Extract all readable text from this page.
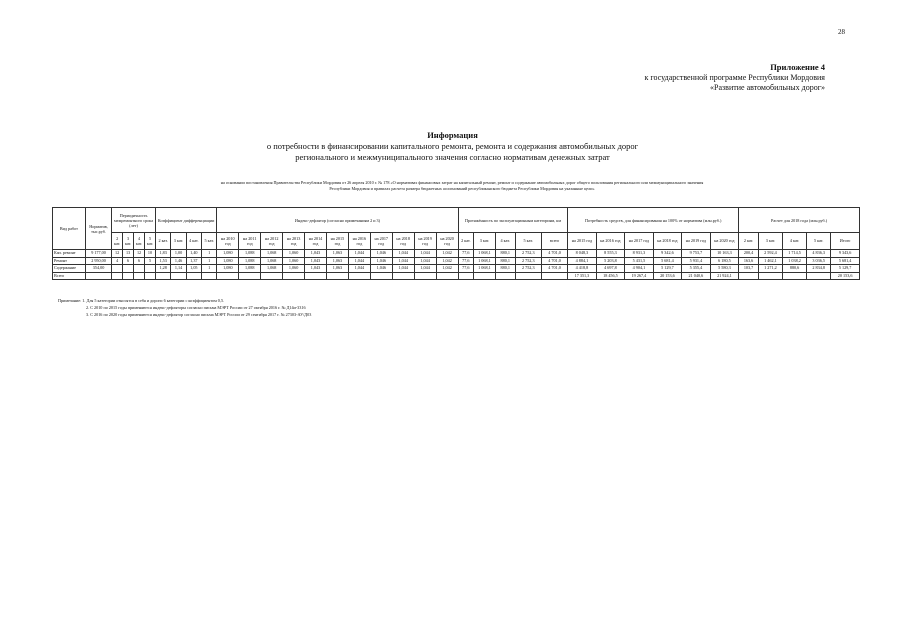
28
Приложение 4
к государственной программе Республики Мордовия
«Развитие автомобильных дорог»
Информация
о потребности в финансировании капитального ремонта, ремонта и содержания автомобильных дорог
регионального и межмуниципального значения согласно нормативам денежных затрат
на основании постановления Правительства Республики Мордовия от 26 апреля 2010 г. № 178 «О нормативах финансовых затрат на капитальный ремонт, ремонт и содержание автомобильных дорог общего пользования регионального или межмуниципального значения
Республики Мордовия и правилах расчета размера бюджетных ассигнований республиканского бюджета Республики Мордовия на указанные цели»
Вид работ	Норматив, тыс.руб.	Периодичность межремонтного срока (лет)				Коэффициент дифференциации				Индекс-дефлятор (согласно примечаниям 2 и 3)											Протяжённость по эксплуатационным категориям, км					Потребность средств, для финансирования на 100% от норматива (млн.руб.)						Расчет для 2018 года (млн.руб.)				
		2 кат.	3 кат.	4 кат.	5 кат.	2 кат.	3 кат.	4 кат.	5 кат.	на 2010 год	на 2011 год	на 2012 год	на 2013 год	на 2014 год	на 2015 год	на 2016 год	на 2017 год	на 2018 год	на 2019 год	на 2020 год	2 кат.	3 кат.	4 кат.	5 кат.	всего	на 2015 год	на 2016 год	на 2017 год	на 2018 год	на 2019 год	на 2020 год	2 кат.	3 кат.	4 кат.	5 кат.	Итого
Кап. ремонт	9 177,00	12	13	12	10	1,83	1,00	1,40	1	1,080	1,088	1,068	1,060	1,043	1,063	1,044	1,046	1,044	1,044	1,042	77,6	1 068,1	880,1	2 752,3	4 701,0	8 048,3	8 555,3	8 931,3	9 342,6	9 753,7	10 163,3	200,4	2 592,4	1 714,5	4 836,3	9 343,6
Ремонт	2 950,00	4	6	6	5	1,53	1,46	1,37	1	1,080	1,088	1,068	1,060	1,043	1,063	1,044	1,046	1,044	1,044	1,042	77,6	1 068,1	880,1	2 752,3	4 701,0	4 884,1	5 203,8	5 431,5	5 681,4	5 931,4	6 180,5	163,6	1 462,1	1 038,2	3 036,5	5 681,4
Содержание	354,00					1,28	1,14	1,05	1	1,080	1,088	1,068	1,060	1,043	1,063	1,044	1,046	1,044	1,044	1,042	77,6	1 068,1	880,1	2 752,3	4 701,0	4 418,8	4 697,8	4 904,1	5 129,7	5 355,4	5 580,3	103,7	1 271,2	880,6	2 834,8	5 129,7
Всего																										17 351,3	18 456,5	19 267,4	20 153,6	21 040,6	21 924,1					20 153,6
Примечание: 1. Для 5 категории относятся в себя и дороги 6 категории с коэффициентом 0,5.
2. С 2010 по 2015 годы применяются индекс-дефляторы согласно письма МЭРТ России от 27 октября 2016 г. № Д14и-3316
3. С 2016 по 2020 годы применяются индекс-дефлятор согласно письма МЭРТ России от 29 сентября 2017 г. № 27303-АУ/Д03
